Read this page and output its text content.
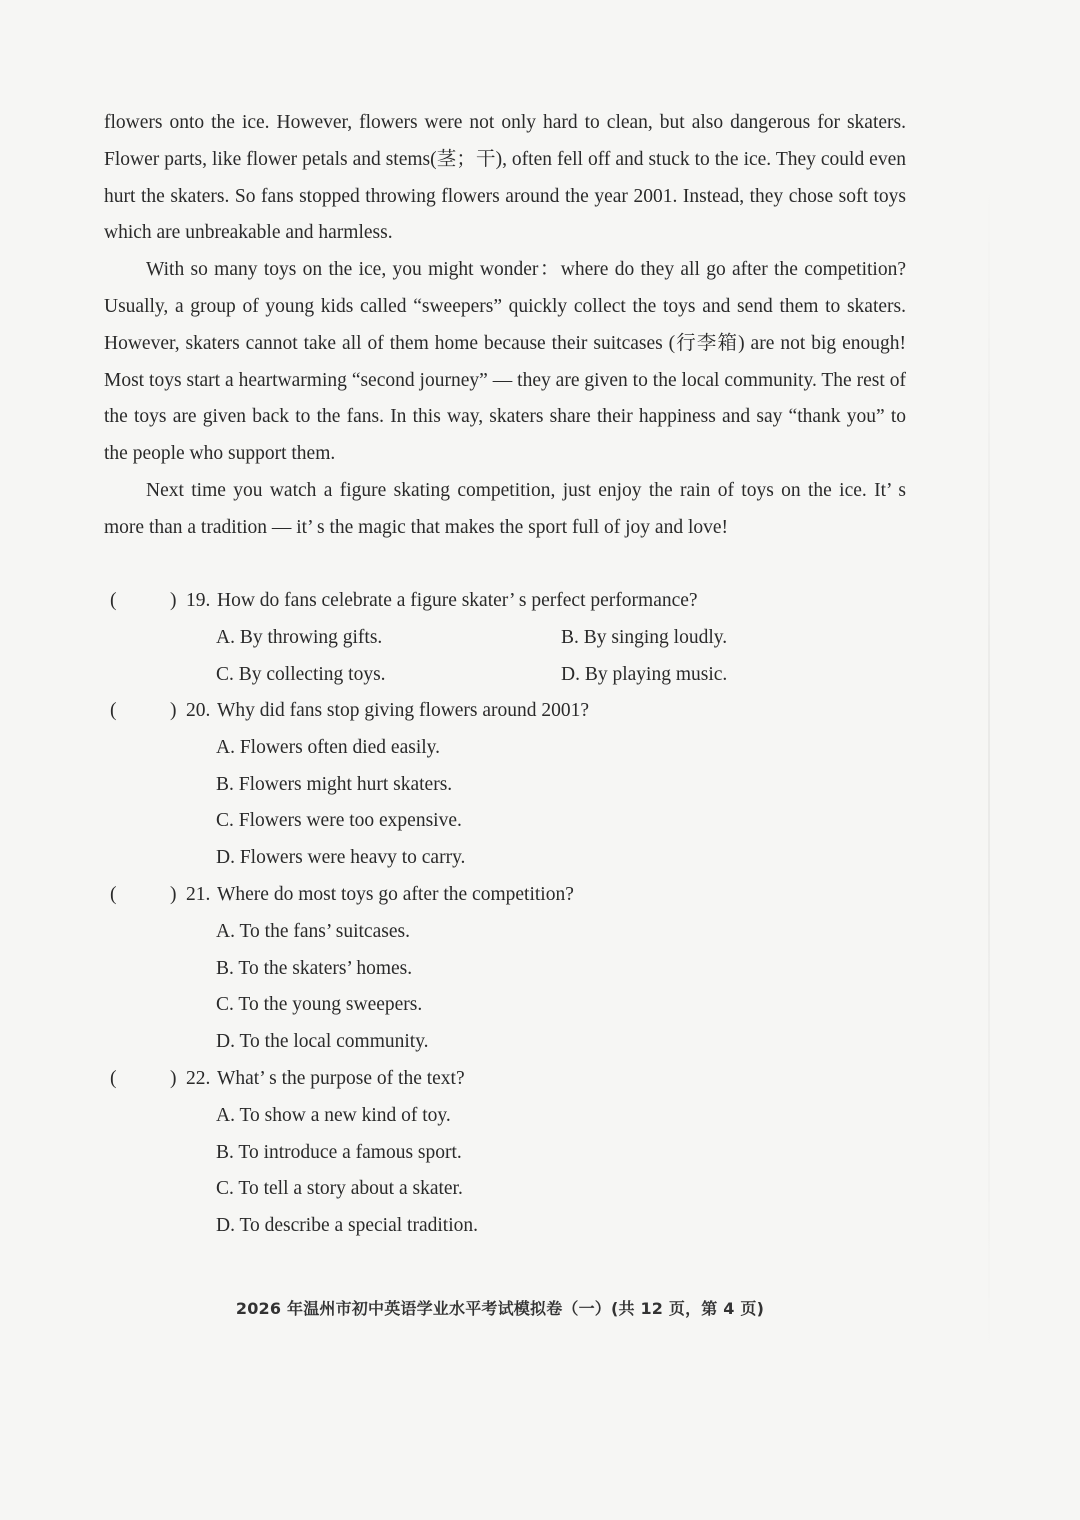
flowers onto the ice. However, flowers were not only hard to clean, but also dangerous for skaters. Flower parts, like flower petals and stems(茎；干), often fell off and stuck to the ice. They could even hurt the skaters. So fans stopped throwing flowers around the year 2001. Instead, they chose soft toys which are unbreakable and harmless.

With so many toys on the ice, you might wonder：where do they all go after the competition? Usually, a group of young kids called “sweepers” quickly collect the toys and send them to skaters. However, skaters cannot take all of them home because their suitcases (行李箱) are not big enough! Most toys start a heartwarming “second journey” — they are given to the local community. The rest of the toys are given back to the fans. In this way, skaters share their happiness and say “thank you” to the people who support them.

Next time you watch a figure skating competition, just enjoy the rain of toys on the ice. It’ s more than a tradition — it’ s the magic that makes the sport full of joy and love!

(	) 19. How do fans celebrate a figure skater’ s perfect performance?
A. By throwing gifts.	B. By singing loudly.
C. By collecting toys.	D. By playing music.
(	) 20. Why did fans stop giving flowers around 2001?
A. Flowers often died easily.
B. Flowers might hurt skaters.
C. Flowers were too expensive.
D. Flowers were heavy to carry.
(	) 21. Where do most toys go after the competition?
A. To the fans’ suitcases.
B. To the skaters’ homes.
C. To the young sweepers.
D. To the local community.
(	) 22. What’ s the purpose of the text?
A. To show a new kind of toy.
B. To introduce a famous sport.
C. To tell a story about a skater.
D. To describe a special tradition.
2026 年温州市初中英语学业水平考试模拟卷（一）(共 12 页，第 4 页)
